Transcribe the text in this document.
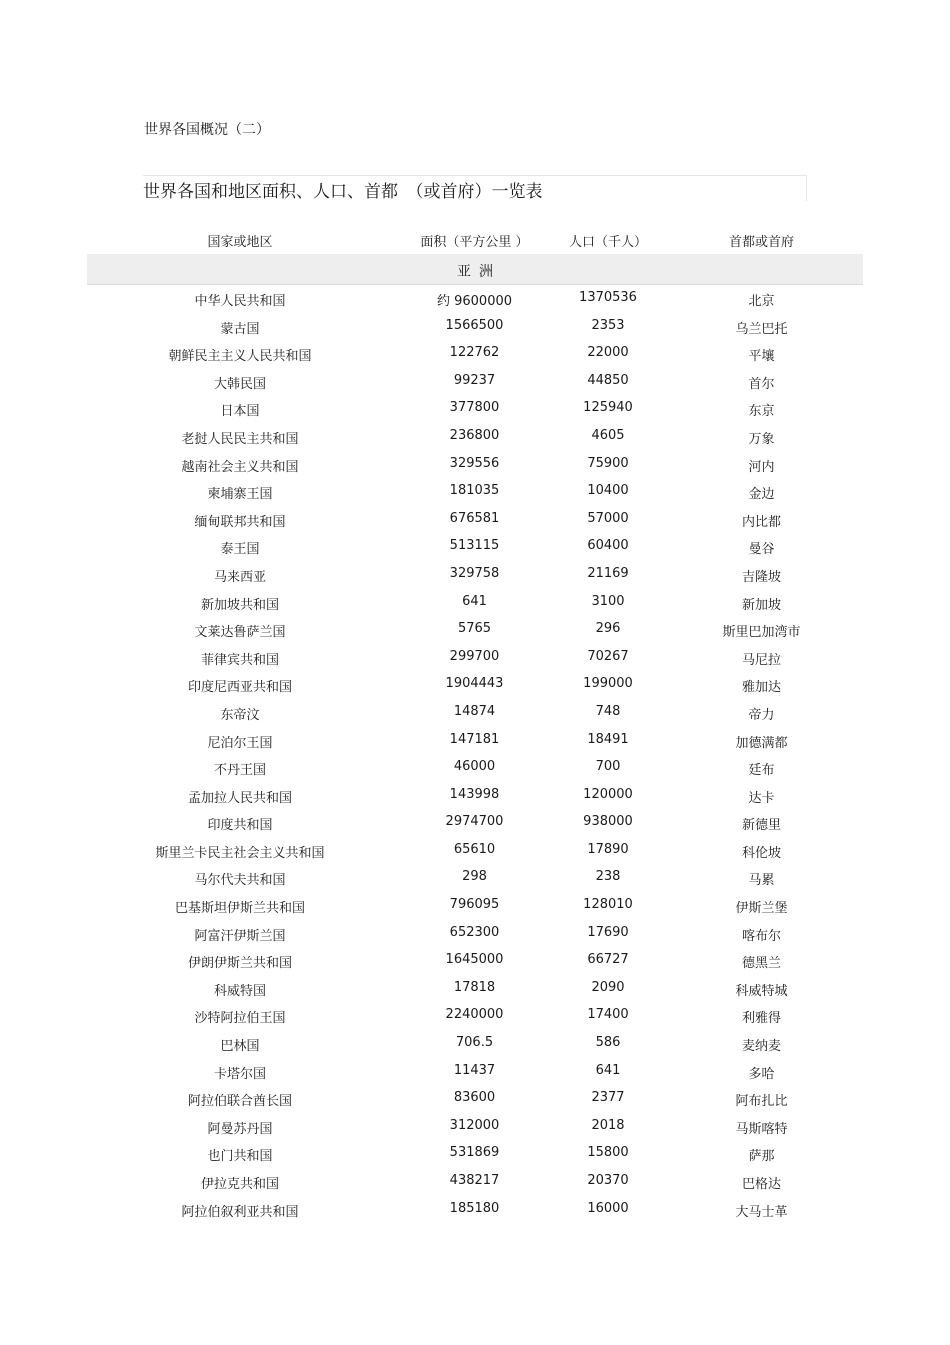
世界各国概况（二）
世界各国和地区面积、人口、首都　（或首府）一览表
国家或地区	面积（平方公里 ）	人口（千人）	首都或首府
亚洲
中华人民共和国	约 9600000	1370536	北京
蒙古国	1566500	2353	乌兰巴托
朝鲜民主主义人民共和国	122762	22000	平壤
大韩民国	99237	44850	首尔
日本国	377800	125940	东京
老挝人民民主共和国	236800	4605	万象
越南社会主义共和国	329556	75900	河内
柬埔寨王国	181035	10400	金边
缅甸联邦共和国	676581	57000	内比都
泰王国	513115	60400	曼谷
马来西亚	329758	21169	吉隆坡
新加坡共和国	641	3100	新加坡
文莱达鲁萨兰国	5765	296	斯里巴加湾市
菲律宾共和国	299700	70267	马尼拉
印度尼西亚共和国	1904443	199000	雅加达
东帝汶	14874	748	帝力
尼泊尔王国	147181	18491	加德满都
不丹王国	46000	700	廷布
孟加拉人民共和国	143998	120000	达卡
印度共和国	2974700	938000	新德里
斯里兰卡民主社会主义共和国	65610	17890	科伦坡
马尔代夫共和国	298	238	马累
巴基斯坦伊斯兰共和国	796095	128010	伊斯兰堡
阿富汗伊斯兰国	652300	17690	喀布尔
伊朗伊斯兰共和国	1645000	66727	德黑兰
科威特国	17818	2090	科威特城
沙特阿拉伯王国	2240000	17400	利雅得
巴林国	706.5	586	麦纳麦
卡塔尔国	11437	641	多哈
阿拉伯联合酋长国	83600	2377	阿布扎比
阿曼苏丹国	312000	2018	马斯喀特
也门共和国	531869	15800	萨那
伊拉克共和国	438217	20370	巴格达
阿拉伯叙利亚共和国	185180	16000	大马士革
